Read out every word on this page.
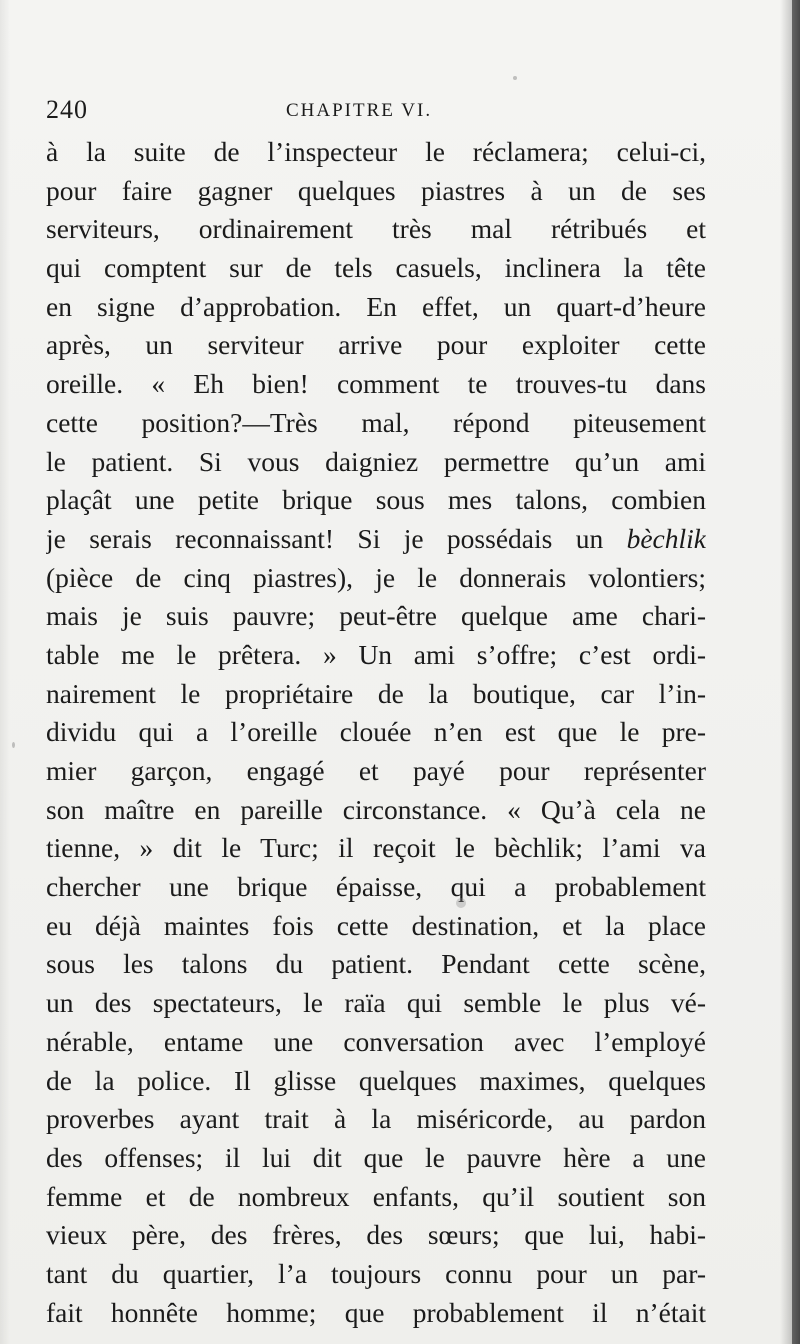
240	CHAPITRE VI.
à la suite de l’inspecteur le réclamera; celui-ci,
pour faire gagner quelques piastres à un de ses
serviteurs, ordinairement très mal rétribués et
qui comptent sur de tels casuels, inclinera la tête
en signe d’approbation. En effet, un quart-d’heure
après, un serviteur arrive pour exploiter cette
oreille. « Eh bien! comment te trouves-tu dans
cette position?—Très mal, répond piteusement
le patient. Si vous daigniez permettre qu’un ami
plaçât une petite brique sous mes talons, combien
je serais reconnaissant! Si je possédais un bèchlik
(pièce de cinq piastres), je le donnerais volontiers;
mais je suis pauvre; peut-être quelque ame chari-
table me le prêtera. » Un ami s’offre; c’est ordi-
nairement le propriétaire de la boutique, car l’in-
dividu qui a l’oreille clouée n’en est que le pre-
mier garçon, engagé et payé pour représenter
son maître en pareille circonstance. « Qu’à cela ne
tienne, » dit le Turc; il reçoit le bèchlik; l’ami va
chercher une brique épaisse, qui a probablement
eu déjà maintes fois cette destination, et la place
sous les talons du patient. Pendant cette scène,
un des spectateurs, le raïa qui semble le plus vé-
nérable, entame une conversation avec l’employé
de la police. Il glisse quelques maximes, quelques
proverbes ayant trait à la miséricorde, au pardon
des offenses; il lui dit que le pauvre hère a une
femme et de nombreux enfants, qu’il soutient son
vieux père, des frères, des sœurs; que lui, habi-
tant du quartier, l’a toujours connu pour un par-
fait honnête homme; que probablement il n’était
